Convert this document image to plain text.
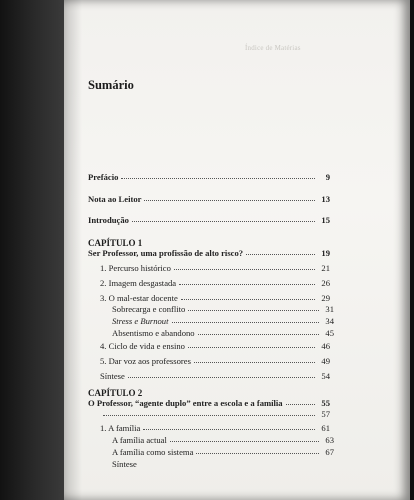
Índice de Matérias
Sumário
Prefácio	9
Nota ao Leitor	13
Introdução	15
CAPÍTULO 1
Ser Professor, uma profissão de alto risco?	19
1. Percurso histórico	21
2. Imagem desgastada	26
3. O mal-estar docente	29
Sobrecarga e conflito	31
Stress e Burnout	34
Absentismo e abandono	45
4. Ciclo de vida e ensino	46
5. Dar voz aos professores	49
Síntese	54
CAPÍTULO 2
O Professor, “agente duplo” entre a escola e a família	55
57
1. A família	61
A família actual	63
A família como sistema	67
Síntese
